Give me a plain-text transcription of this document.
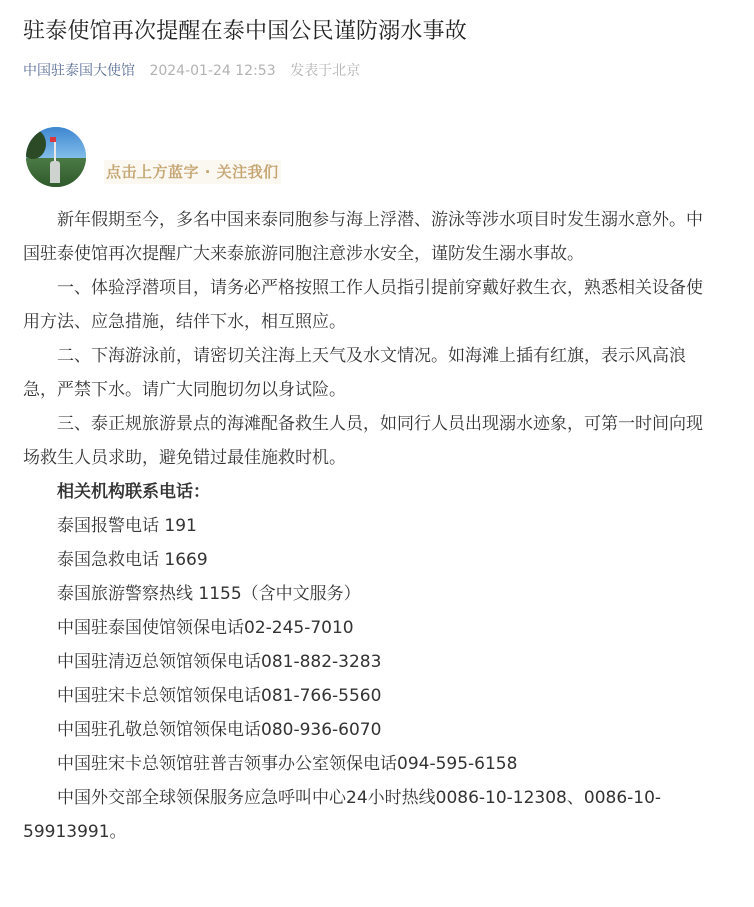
驻泰使馆再次提醒在泰中国公民谨防溺水事故
中国驻泰国大使馆 2024-01-24 12:53 发表于北京
点击上方蓝字 · 关注我们

新年假期至今，多名中国来泰同胞参与海上浮潜、游泳等涉水项目时发生溺水意外。中国驻泰使馆再次提醒广大来泰旅游同胞注意涉水安全，谨防发生溺水事故。

一、体验浮潜项目，请务必严格按照工作人员指引提前穿戴好救生衣，熟悉相关设备使用方法、应急措施，结伴下水，相互照应。

二、下海游泳前，请密切关注海上天气及水文情况。如海滩上插有红旗，表示风高浪急，严禁下水。请广大同胞切勿以身试险。

三、泰正规旅游景点的海滩配备救生人员，如同行人员出现溺水迹象，可第一时间向现场救生人员求助，避免错过最佳施救时机。

相关机构联系电话：

泰国报警电话 191

泰国急救电话 1669

泰国旅游警察热线 1155（含中文服务）

中国驻泰国使馆领保电话02-245-7010

中国驻清迈总领馆领保电话081-882-3283

中国驻宋卡总领馆领保电话081-766-5560

中国驻孔敬总领馆领保电话080-936-6070

中国驻宋卡总领馆驻普吉领事办公室领保电话094-595-6158

中国外交部全球领保服务应急呼叫中心24小时热线0086-10-12308、0086-10-59913991。
